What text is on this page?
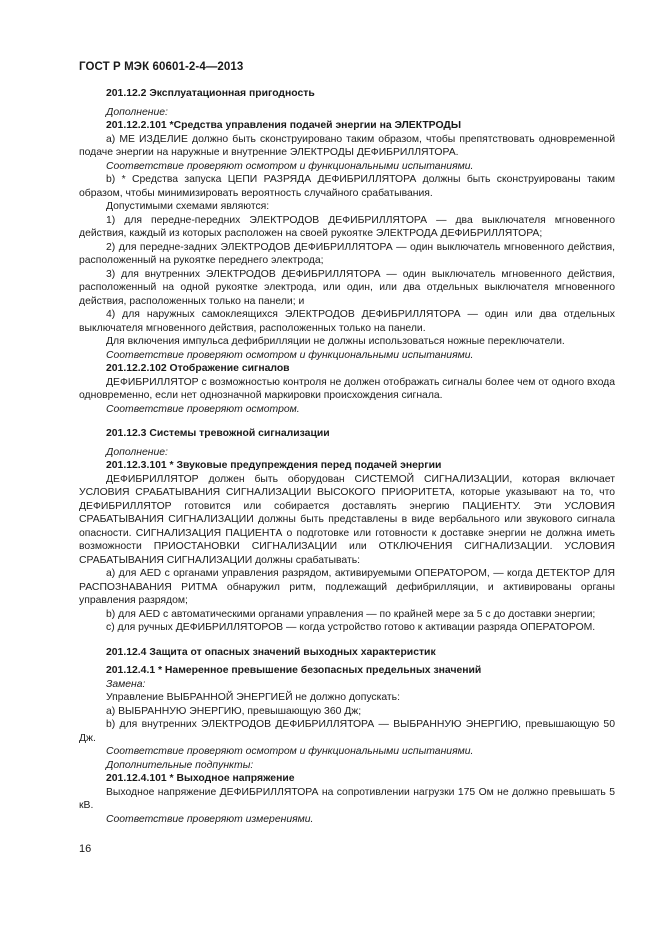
ГОСТ Р МЭК 60601-2-4—2013

201.12.2 Эксплуатационная пригодность

Дополнение:

201.12.2.101 *Средства управления подачей энергии на ЭЛЕКТРОДЫ

a) ME ИЗДЕЛИЕ должно быть сконструировано таким образом, чтобы препятствовать одновременной подаче энергии на наружные и внутренние ЭЛЕКТРОДЫ ДЕФИБРИЛЛЯТОРА.

Соответствие проверяют осмотром и функциональными испытаниями.

b) * Средства запуска ЦЕПИ РАЗРЯДА ДЕФИБРИЛЛЯТОРА должны быть сконструированы таким образом, чтобы минимизировать вероятность случайного срабатывания.

Допустимыми схемами являются:

1) для передне-передних ЭЛЕКТРОДОВ ДЕФИБРИЛЛЯТОРА — два выключателя мгновенного действия, каждый из которых расположен на своей рукоятке ЭЛЕКТРОДА ДЕФИБРИЛЛЯТОРА;

2) для передне-задних ЭЛЕКТРОДОВ ДЕФИБРИЛЛЯТОРА — один выключатель мгновенного действия, расположенный на рукоятке переднего электрода;

3) для внутренних ЭЛЕКТРОДОВ ДЕФИБРИЛЛЯТОРА — один выключатель мгновенного действия, расположенный на одной рукоятке электрода, или один, или два отдельных выключателя мгновенного действия, расположенных только на панели; и

4) для наружных самоклеящихся ЭЛЕКТРОДОВ ДЕФИБРИЛЛЯТОРА — один или два отдельных выключателя мгновенного действия, расположенных только на панели.

Для включения импульса дефибрилляции не должны использоваться ножные переключатели.

Соответствие проверяют осмотром и функциональными испытаниями.

201.12.2.102 Отображение сигналов

ДЕФИБРИЛЛЯТОР с возможностью контроля не должен отображать сигналы более чем от одного входа одновременно, если нет однозначной маркировки происхождения сигнала.

Соответствие проверяют осмотром.

201.12.3 Системы тревожной сигнализации

Дополнение:

201.12.3.101 * Звуковые предупреждения перед подачей энергии

ДЕФИБРИЛЛЯТОР должен быть оборудован СИСТЕМОЙ СИГНАЛИЗАЦИИ, которая включает УСЛОВИЯ СРАБАТЫВАНИЯ СИГНАЛИЗАЦИИ ВЫСОКОГО ПРИОРИТЕТА, которые указывают на то, что ДЕФИБРИЛЛЯТОР готовится или собирается доставлять энергию ПАЦИЕНТУ. Эти УСЛОВИЯ СРАБАТЫВАНИЯ СИГНАЛИЗАЦИИ должны быть представлены в виде вербального или звукового сигнала опасности. СИГНАЛИЗАЦИЯ ПАЦИЕНТА о подготовке или готовности к доставке энергии не должна иметь возможности ПРИОСТАНОВКИ СИГНАЛИЗАЦИИ или ОТКЛЮЧЕНИЯ СИГНАЛИЗАЦИИ. УСЛОВИЯ СРАБАТЫВАНИЯ СИГНАЛИЗАЦИИ должны срабатывать:

a) для AED с органами управления разрядом, активируемыми ОПЕРАТОРОМ, — когда ДЕТЕКТОР ДЛЯ РАСПОЗНАВАНИЯ РИТМА обнаружил ритм, подлежащий дефибрилляции, и активированы органы управления разрядом;

b) для AED с автоматическими органами управления — по крайней мере за 5 с до доставки энергии;

c) для ручных ДЕФИБРИЛЛЯТОРОВ — когда устройство готово к активации разряда ОПЕРАТОРОМ.

201.12.4 Защита от опасных значений выходных характеристик

201.12.4.1 * Намеренное превышение безопасных предельных значений

Замена:

Управление ВЫБРАННОЙ ЭНЕРГИЕЙ не должно допускать:

a) ВЫБРАННУЮ ЭНЕРГИЮ, превышающую 360 Дж;

b) для внутренних ЭЛЕКТРОДОВ ДЕФИБРИЛЛЯТОРА — ВЫБРАННУЮ ЭНЕРГИЮ, превышающую 50 Дж.

Соответствие проверяют осмотром и функциональными испытаниями.

Дополнительные подпункты:

201.12.4.101 * Выходное напряжение

Выходное напряжение ДЕФИБРИЛЛЯТОРА на сопротивлении нагрузки 175 Ом не должно превышать 5 кВ.

Соответствие проверяют измерениями.

16
